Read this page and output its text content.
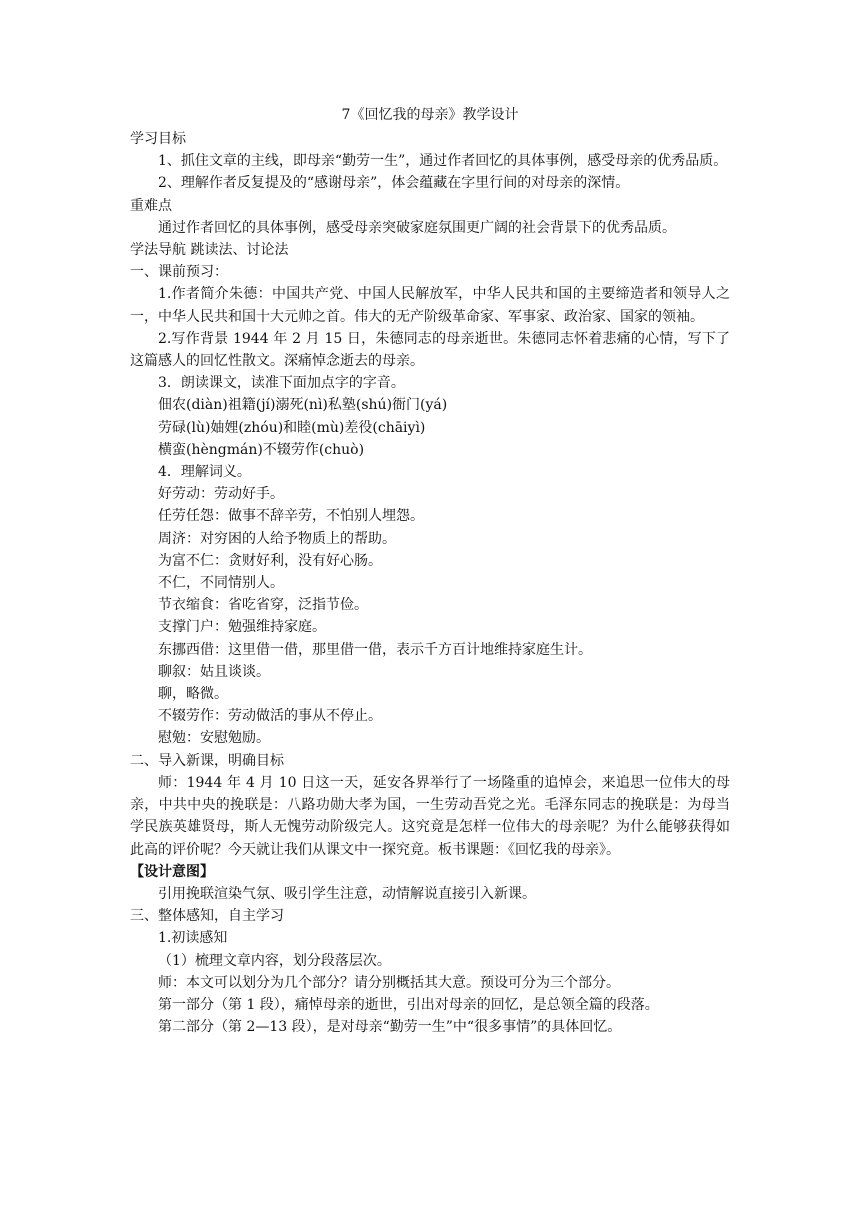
7《回忆我的母亲》教学设计
学习目标
1、抓住文章的主线，即母亲“勤劳一生”，通过作者回忆的具体事例，感受母亲的优秀品质。
2、理解作者反复提及的“感谢母亲”，体会蕴藏在字里行间的对母亲的深情。
重难点
通过作者回忆的具体事例，感受母亲突破家庭氛围更广阔的社会背景下的优秀品质。
学法导航 跳读法、讨论法
一、课前预习：
1.作者简介朱德：中国共产党、中国人民解放军，中华人民共和国的主要缔造者和领导人之一，中华人民共和国十大元帅之首。伟大的无产阶级革命家、军事家、政治家、国家的领袖。
2.写作背景 1944 年 2 月 15 日，朱德同志的母亲逝世。朱德同志怀着悲痛的心情，写下了这篇感人的回忆性散文。深痛悼念逝去的母亲。
3．朗读课文，读准下面加点字的字音。
佃农(diàn)祖籍(jí)溺死(nì)私塾(shú)衙门(yá)
劳碌(lù)妯娌(zhóu)和睦(mù)差役(chāiyì)
横蛮(hèngmán)不辍劳作(chuò)
4．理解词义。
好劳动：劳动好手。
任劳任怨：做事不辞辛劳，不怕别人埋怨。
周济：对穷困的人给予物质上的帮助。
为富不仁：贪财好利，没有好心肠。
不仁，不同情别人。
节衣缩食：省吃省穿，泛指节俭。
支撑门户：勉强维持家庭。
东挪西借：这里借一借，那里借一借，表示千方百计地维持家庭生计。
聊叙：姑且谈谈。
聊，略微。
不辍劳作：劳动做活的事从不停止。
慰勉：安慰勉励。
二、导入新课，明确目标
师：1944 年 4 月 10 日这一天，延安各界举行了一场隆重的追悼会，来追思一位伟大的母亲，中共中央的挽联是：八路功勋大孝为国，一生劳动吾党之光。毛泽东同志的挽联是：为母当学民族英雄贤母，斯人无愧劳动阶级完人。这究竟是怎样一位伟大的母亲呢？为什么能够获得如此高的评价呢？今天就让我们从课文中一探究竟。板书课题：《回忆我的母亲》。
【设计意图】
引用挽联渲染气氛、吸引学生注意，动情解说直接引入新课。
三、整体感知，自主学习
1.初读感知
（1）梳理文章内容，划分段落层次。
师：本文可以划分为几个部分？请分别概括其大意。预设可分为三个部分。
第一部分（第 1 段），痛悼母亲的逝世，引出对母亲的回忆，是总领全篇的段落。
第二部分（第 2—13 段），是对母亲“勤劳一生”中“很多事情”的具体回忆。
